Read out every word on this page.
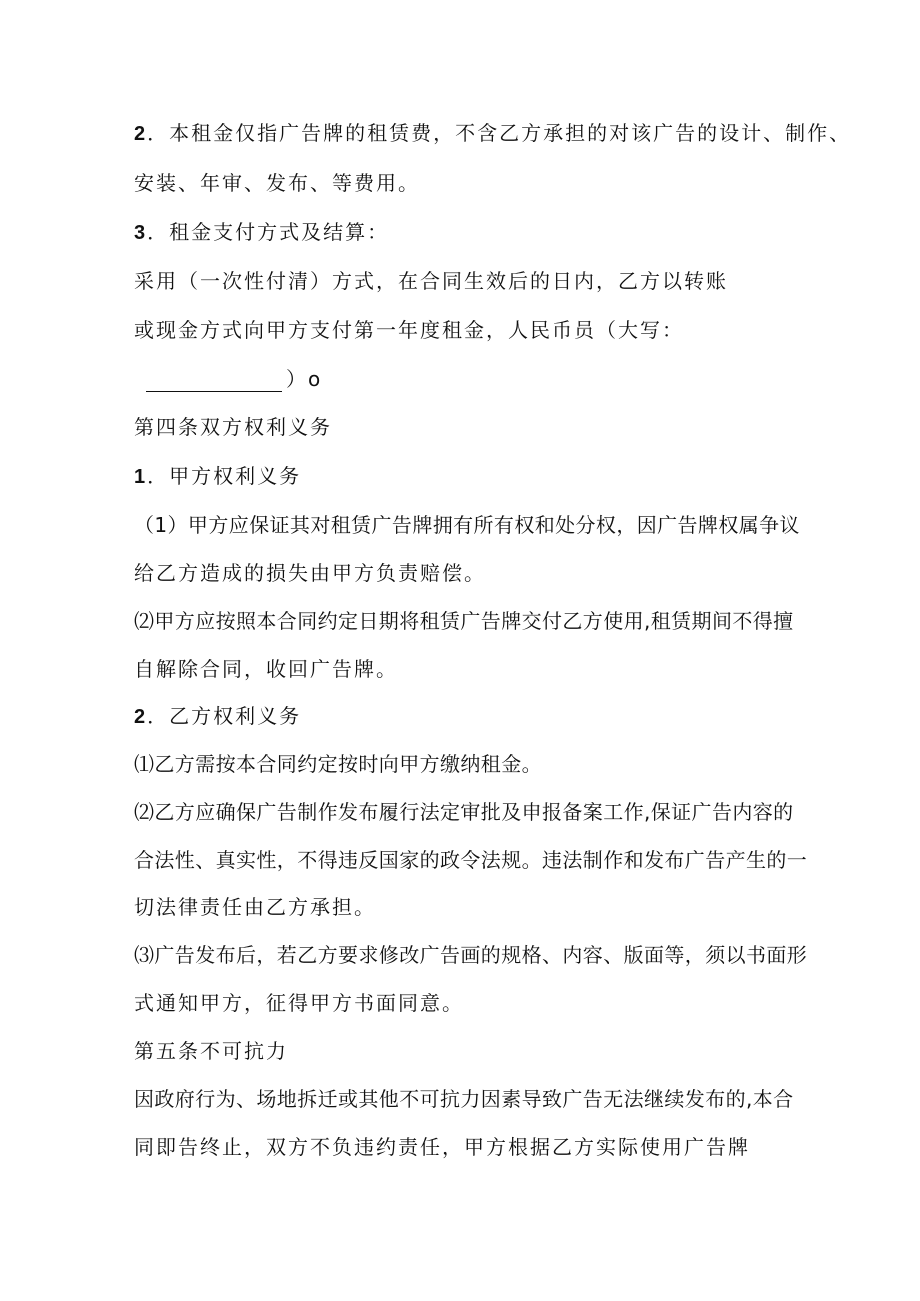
2．本租金仅指广告牌的租赁费，不含乙方承担的对该广告的设计、制作、
安装、年审、发布、等费用。
3．租金支付方式及结算：
采用（一次性付清）方式，在合同生效后的日内，乙方以转账
或现金方式向甲方支付第一年度租金，人民币员（大写：
）o
第四条双方权利义务
1．甲方权利义务
（1）甲方应保证其对租赁广告牌拥有所有权和处分权，因广告牌权属争议
给乙方造成的损失由甲方负责赔偿。
⑵甲方应按照本合同约定日期将租赁广告牌交付乙方使用,租赁期间不得擅
自解除合同，收回广告牌。
2．乙方权利义务
⑴乙方需按本合同约定按时向甲方缴纳租金。
⑵乙方应确保广告制作发布履行法定审批及申报备案工作,保证广告内容的
合法性、真实性，不得违反国家的政令法规。违法制作和发布广告产生的一
切法律责任由乙方承担。
⑶广告发布后，若乙方要求修改广告画的规格、内容、版面等，须以书面形
式通知甲方，征得甲方书面同意。
第五条不可抗力
因政府行为、场地拆迁或其他不可抗力因素导致广告无法继续发布的,本合
同即告终止，双方不负违约责任，甲方根据乙方实际使用广告牌
